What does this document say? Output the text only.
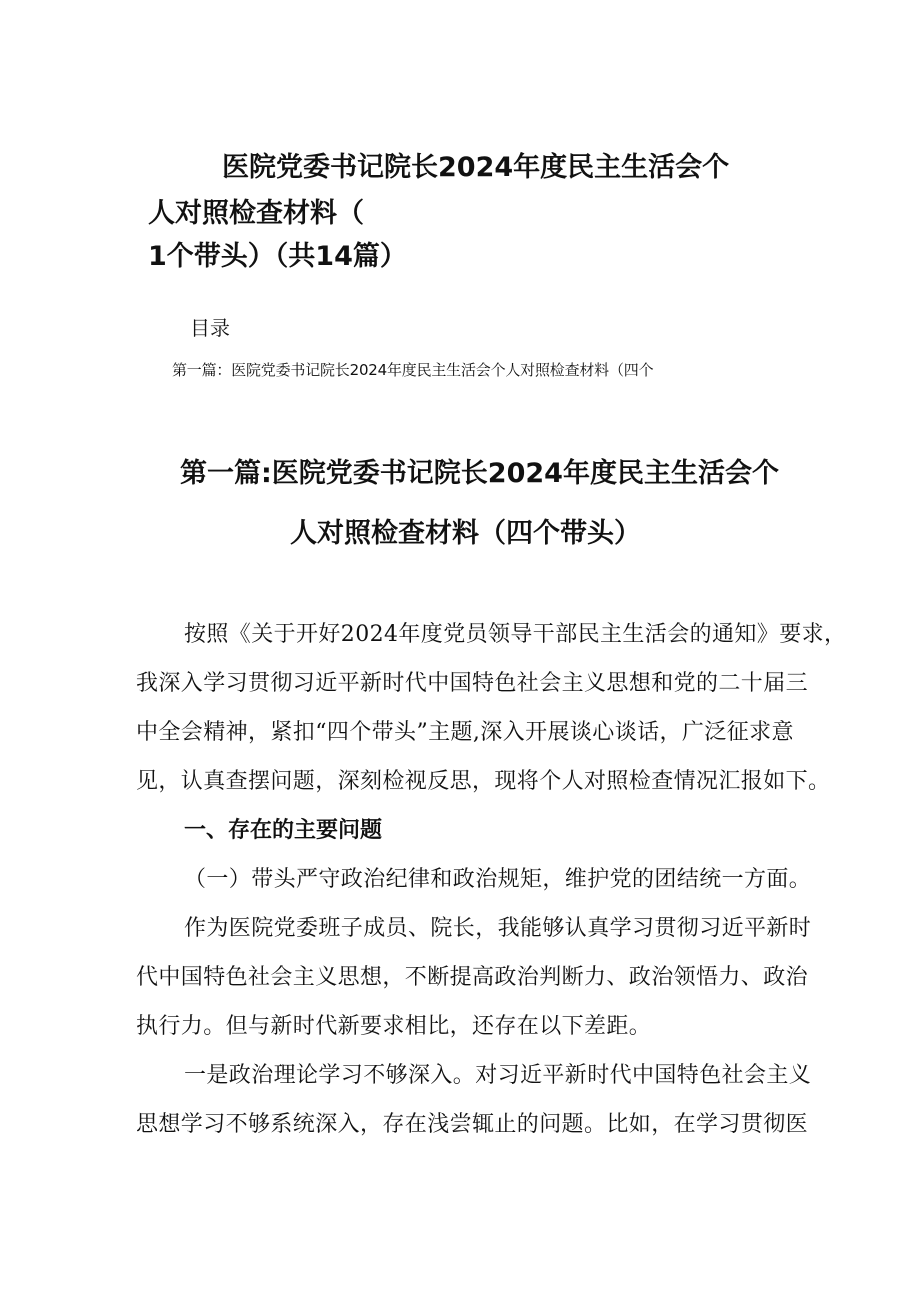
医院党委书记院长2024年度民主生活会个
人对照检查材料（
1个带头）（共14篇）
目录
第一篇：医院党委书记院长2024年度民主生活会个人对照检查材料（四个
第一篇:医院党委书记院长2024年度民主生活会个
人对照检查材料（四个带头）
按照《关于开好2024年度党员领导干部民主生活会的通知》要求，
我深入学习贯彻习近平新时代中国特色社会主义思想和党的二十届三
中全会精神，紧扣“四个带头”主题,深入开展谈心谈话，广泛征求意
见，认真查摆问题，深刻检视反思，现将个人对照检查情况汇报如下。
一、存在的主要问题
（一）带头严守政治纪律和政治规矩，维护党的团结统一方面。
作为医院党委班子成员、院长，我能够认真学习贯彻习近平新时
代中国特色社会主义思想，不断提高政治判断力、政治领悟力、政治
执行力。但与新时代新要求相比，还存在以下差距。
一是政治理论学习不够深入。对习近平新时代中国特色社会主义
思想学习不够系统深入，存在浅尝辄止的问题。比如，在学习贯彻医
